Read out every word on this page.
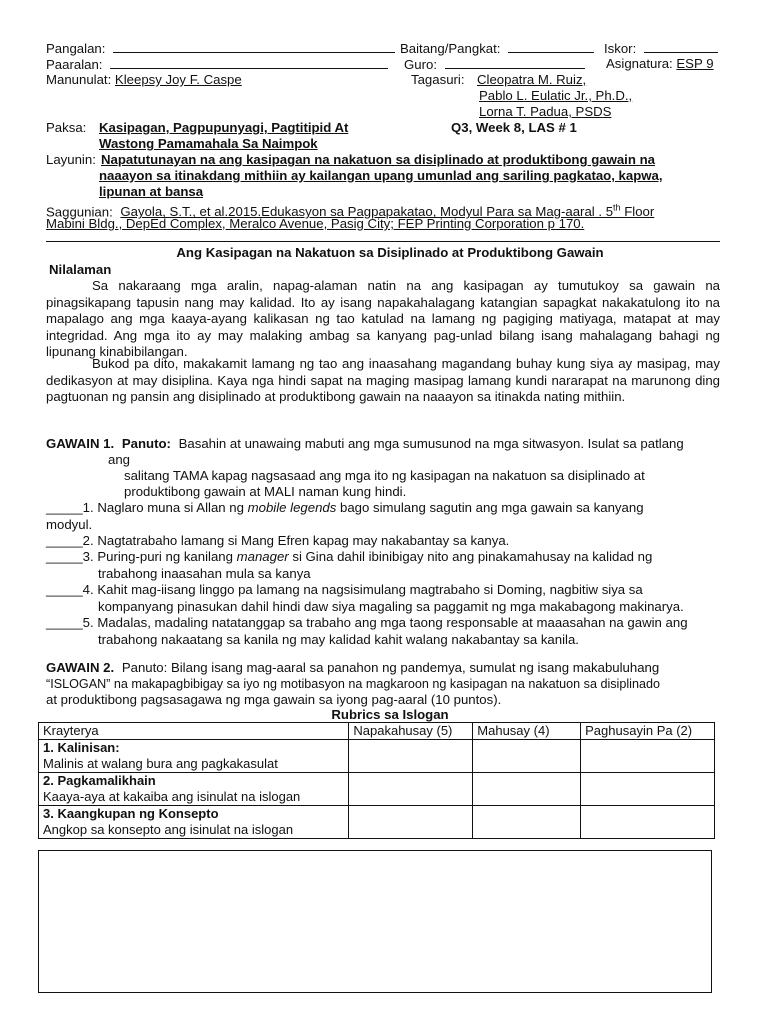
Pangalan:	Baitang/Pangkat:	Iskor:
Paaralan:	Guro:	Asignatura: ESP 9
Manunulat: Kleepsy Joy F. Caspe	Tagasuri: Cleopatra M. Ruiz,
Pablo L. Eulatic Jr., Ph.D.,
Lorna T. Padua, PSDS
Paksa: Kasipagan, Pagpupunyagi, Pagtitipid At
Wastong Pamamahala Sa Naimpok
Q3, Week 8, LAS # 1
Layunin: Napatutunayan na ang kasipagan na nakatuon sa disiplinado at produktibong gawain na
naaayon sa itinakdang mithiin ay kailangan upang umunlad ang sariling pagkatao, kapwa,
lipunan at bansa
Saggunian: Gayola, S.T., et al.2015.Edukasyon sa Pagpapakatao, Modyul Para sa Mag-aaral . 5th Floor
Mabini Bldg., DepEd Complex, Meralco Avenue, Pasig City; FEP Printing Corporation p 170.
Ang Kasipagan na Nakatuon sa Disiplinado at Produktibong Gawain
Nilalaman
Sa nakaraang mga aralin, napag-alaman natin na ang kasipagan ay tumutukoy sa gawain na pinagsikapang tapusin nang may kalidad. Ito ay isang napakahalagang katangian sapagkat nakakatulong ito na mapalago ang mga kaaya-ayang kalikasan ng tao katulad na lamang ng pagiging matiyaga, matapat at may integridad. Ang mga ito ay may malaking ambag sa kanyang pag-unlad bilang isang mahalagang bahagi ng lipunang kinabibilangan.
Bukod pa dito, makakamit lamang ng tao ang inaasahang magandang buhay kung siya ay masipag, may dedikasyon at may disiplina. Kaya nga hindi sapat na maging masipag lamang kundi nararapat na marunong ding pagtuonan ng pansin ang disiplinado at produktibong gawain na naaayon sa itinakda nating mithiin.
GAWAIN 1. Panuto: Basahin at unawaing mabuti ang mga sumusunod na mga sitwasyon. Isulat sa patlang
ang
salitang TAMA kapag nagsasaad ang mga ito ng kasipagan na nakatuon sa disiplinado at
produktibong gawain at MALI naman kung hindi.
_____1. Naglaro muna si Allan ng mobile legends bago simulang sagutin ang mga gawain sa kanyang
modyul.
_____2. Nagtatrabaho lamang si Mang Efren kapag may nakabantay sa kanya.
_____3. Puring-puri ng kanilang manager si Gina dahil ibinibigay nito ang pinakamahusay na kalidad ng
trabahong inaasahan mula sa kanya
_____4. Kahit mag-iisang linggo pa lamang na nagsisimulang magtrabaho si Doming, nagbitiw siya sa
kompanyang pinasukan dahil hindi daw siya magaling sa paggamit ng mga makabagong makinarya.
_____5. Madalas, madaling natatanggap sa trabaho ang mga taong responsable at maaasahan na gawin ang
trabahong nakaatang sa kanila ng may kalidad kahit walang nakabantay sa kanila.
GAWAIN 2. Panuto: Bilang isang mag-aaral sa panahon ng pandemya, sumulat ng isang makabuluhang
“ISLOGAN” na makapagbibigay sa iyo ng motibasyon na magkaroon ng kasipagan na nakatuon sa disiplinado
at produktibong pagsasagawa ng mga gawain sa iyong pag-aaral (10 puntos).
Rubrics sa Islogan
Krayterya	Napakahusay (5)	Mahusay (4)	Paghusayin Pa (2)

1. Kalinisan:
Malinis at walang bura ang pagkakasulat			

2. Pagkamalikhain
Kaaya-aya at kakaiba ang isinulat na islogan			

3. Kaangkupan ng Konsepto
Angkop sa konsepto ang isinulat na islogan			
